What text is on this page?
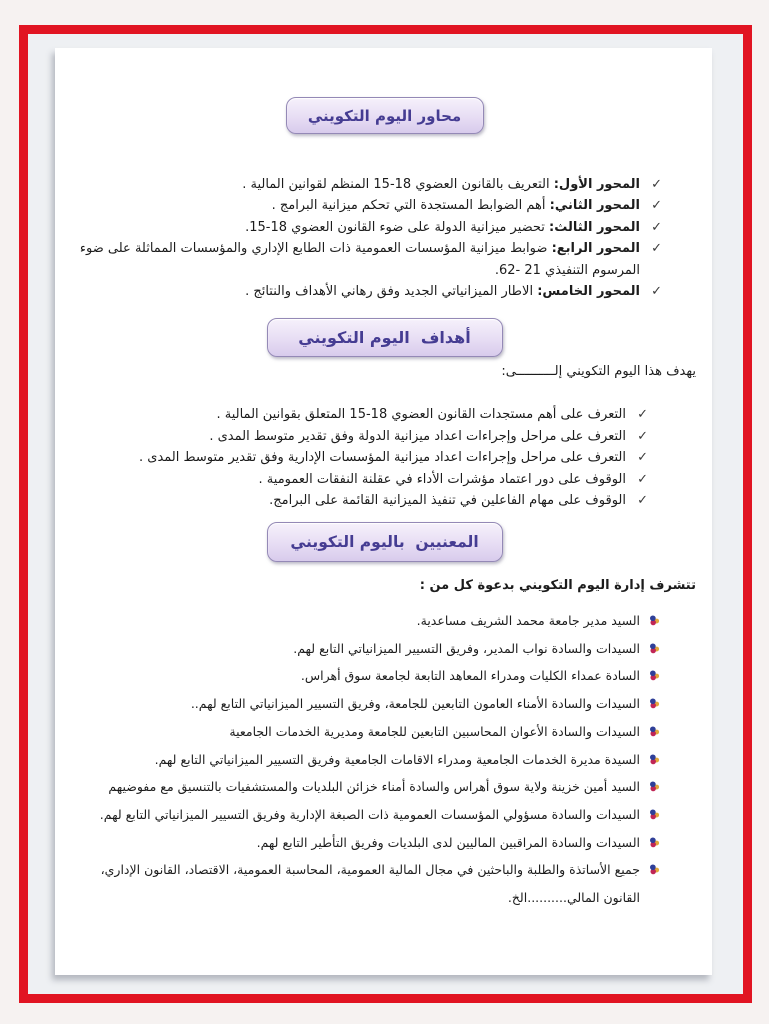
محاور اليوم التكويني
✓
المحور الأول: التعريف بالقانون العضوي 18-15 المنظم لقوانين المالية .
✓
المحور الثاني: أهم الضوابط المستجدة التي تحكم ميزانية البرامج .
✓
المحور الثالث: تحضير ميزانية الدولة على ضوء القانون العضوي 18-15.
✓
المحور الرابع: ضوابط ميزانية المؤسسات العمومية ذات الطابع الإداري والمؤسسات المماثلة على ضوء المرسوم التنفيذي 21 -62.
✓
المحور الخامس: الاطار الميزانياتي الجديد وفق رهاني الأهداف والنتائج .
أهداف  اليوم التكويني
يهدف هذا اليوم التكويني إلــــــــــى:
✓
التعرف على أهم مستجدات القانون العضوي 18-15 المتعلق بقوانين المالية .
✓
التعرف على مراحل وإجراءات اعداد ميزانية الدولة وفق تقدير متوسط المدى .
✓
التعرف على مراحل وإجراءات اعداد ميزانية المؤسسات الإدارية وفق تقدير متوسط المدى .
✓
الوقوف على دور اعتماد مؤشرات الأداء في عقلنة النفقات العمومية .
✓
الوقوف على مهام الفاعلين في تنفيذ الميزانية القائمة على البرامج.
المعنيين  باليوم التكويني
تتشرف إدارة اليوم التكويني بدعوة كل من :
السيد مدير جامعة محمد الشريف مساعدية.
السيدات والسادة نواب المدير، وفريق التسيير الميزانياتي التابع لهم.
السادة عمداء الكليات ومدراء المعاهد التابعة لجامعة سوق أهراس.
السيدات والسادة الأمناء العامون التابعين للجامعة، وفريق التسيير الميزانياتي التابع لهم..
السيدات والسادة الأعوان المحاسبين التابعين للجامعة ومديرية الخدمات الجامعية
السيدة مديرة الخدمات الجامعية ومدراء الاقامات الجامعية وفريق التسيير الميزانياتي التابع لهم.
السيد أمين خزينة ولاية سوق أهراس والسادة أمناء خزائن البلديات والمستشفيات بالتنسيق مع مفوضيهم
السيدات والسادة مسؤولي المؤسسات العمومية ذات الصبغة الإدارية وفريق التسيير الميزانياتي التابع لهم.
السيدات والسادة المراقبين الماليين لدى البلديات وفريق التأطير التابع لهم.
جميع الأساتذة والطلبة والباحثين في مجال المالية العمومية، المحاسبة العمومية، الاقتصاد، القانون الإداري، القانون المالي..........الخ.
